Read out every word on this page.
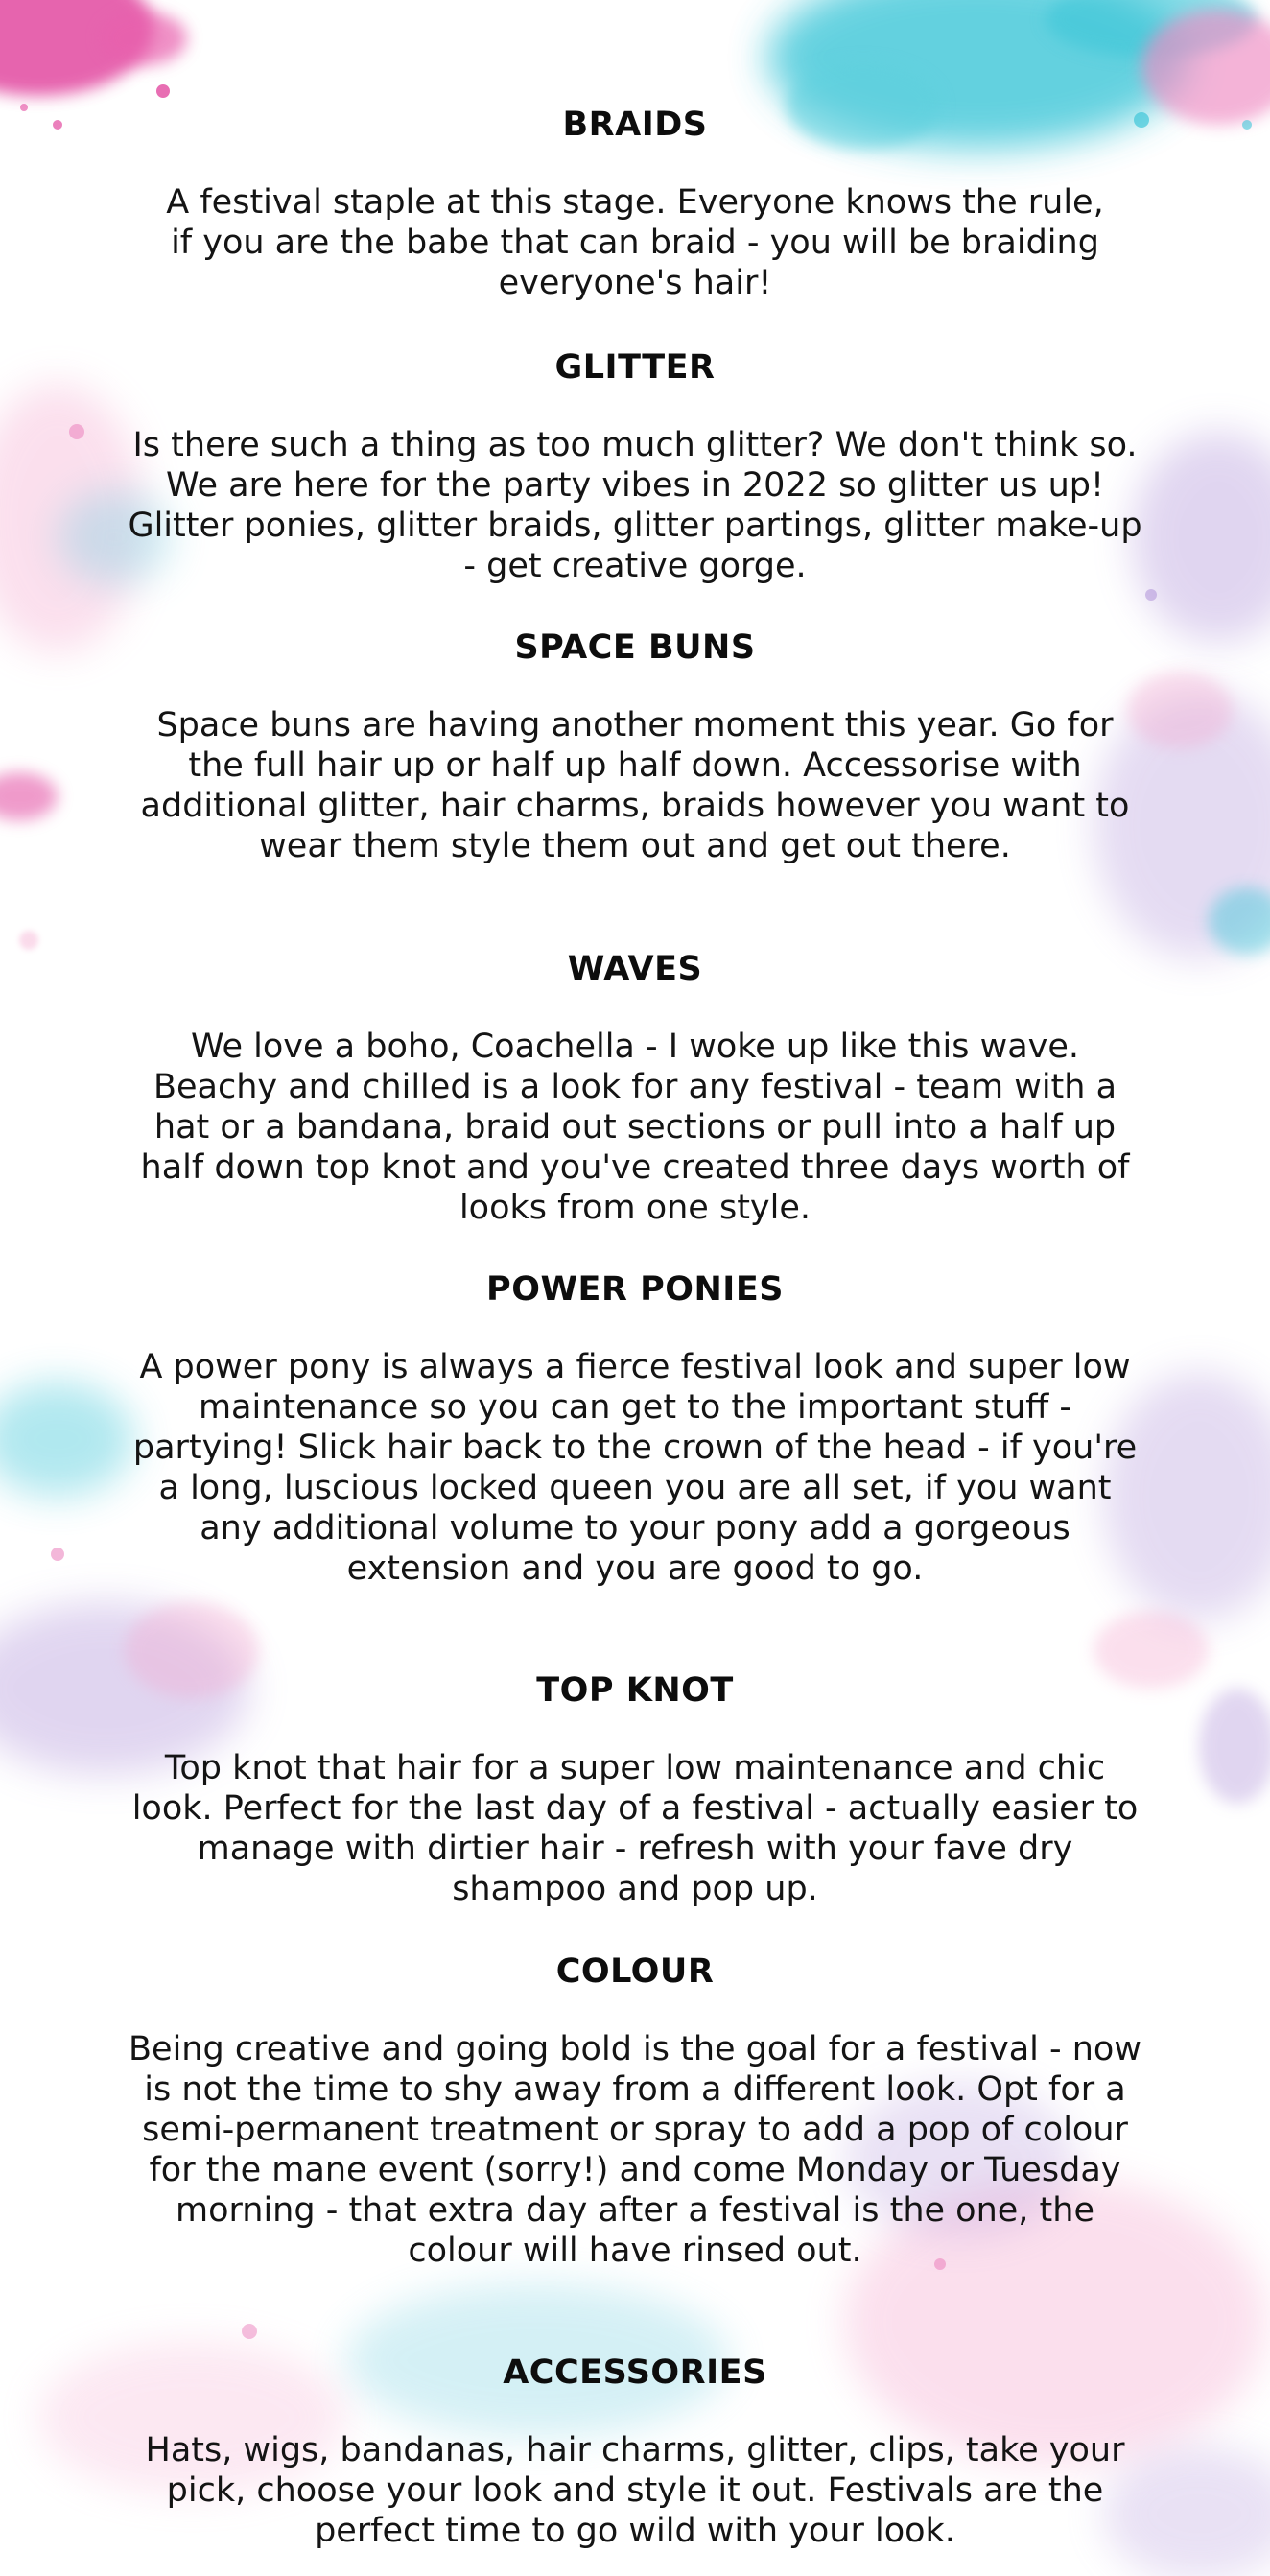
BRAIDS

A festival staple at this stage. Everyone knows the rule, if you are the babe that can braid - you will be braiding everyone's hair!

GLITTER

Is there such a thing as too much glitter? We don't think so. We are here for the party vibes in 2022 so glitter us up! Glitter ponies, glitter braids, glitter partings, glitter make-up - get creative gorge.

SPACE BUNS

Space buns are having another moment this year. Go for the full hair up or half up half down. Accessorise with additional glitter, hair charms, braids however you want to wear them style them out and get out there.

WAVES

We love a boho, Coachella - I woke up like this wave. Beachy and chilled is a look for any festival - team with a hat or a bandana, braid out sections or pull into a half up half down top knot and you've created three days worth of looks from one style.

POWER PONIES

A power pony is always a fierce festival look and super low maintenance so you can get to the important stuff - partying! Slick hair back to the crown of the head - if you're a long, luscious locked queen you are all set, if you want any additional volume to your pony add a gorgeous extension and you are good to go.

TOP KNOT

Top knot that hair for a super low maintenance and chic look. Perfect for the last day of a festival - actually easier to manage with dirtier hair - refresh with your fave dry shampoo and pop up.

COLOUR

Being creative and going bold is the goal for a festival - now is not the time to shy away from a different look. Opt for a semi-permanent treatment or spray to add a pop of colour for the mane event (sorry!) and come Monday or Tuesday morning - that extra day after a festival is the one, the colour will have rinsed out.

ACCESSORIES

Hats, wigs, bandanas, hair charms, glitter, clips, take your pick, choose your look and style it out. Festivals are the perfect time to go wild with your look.
